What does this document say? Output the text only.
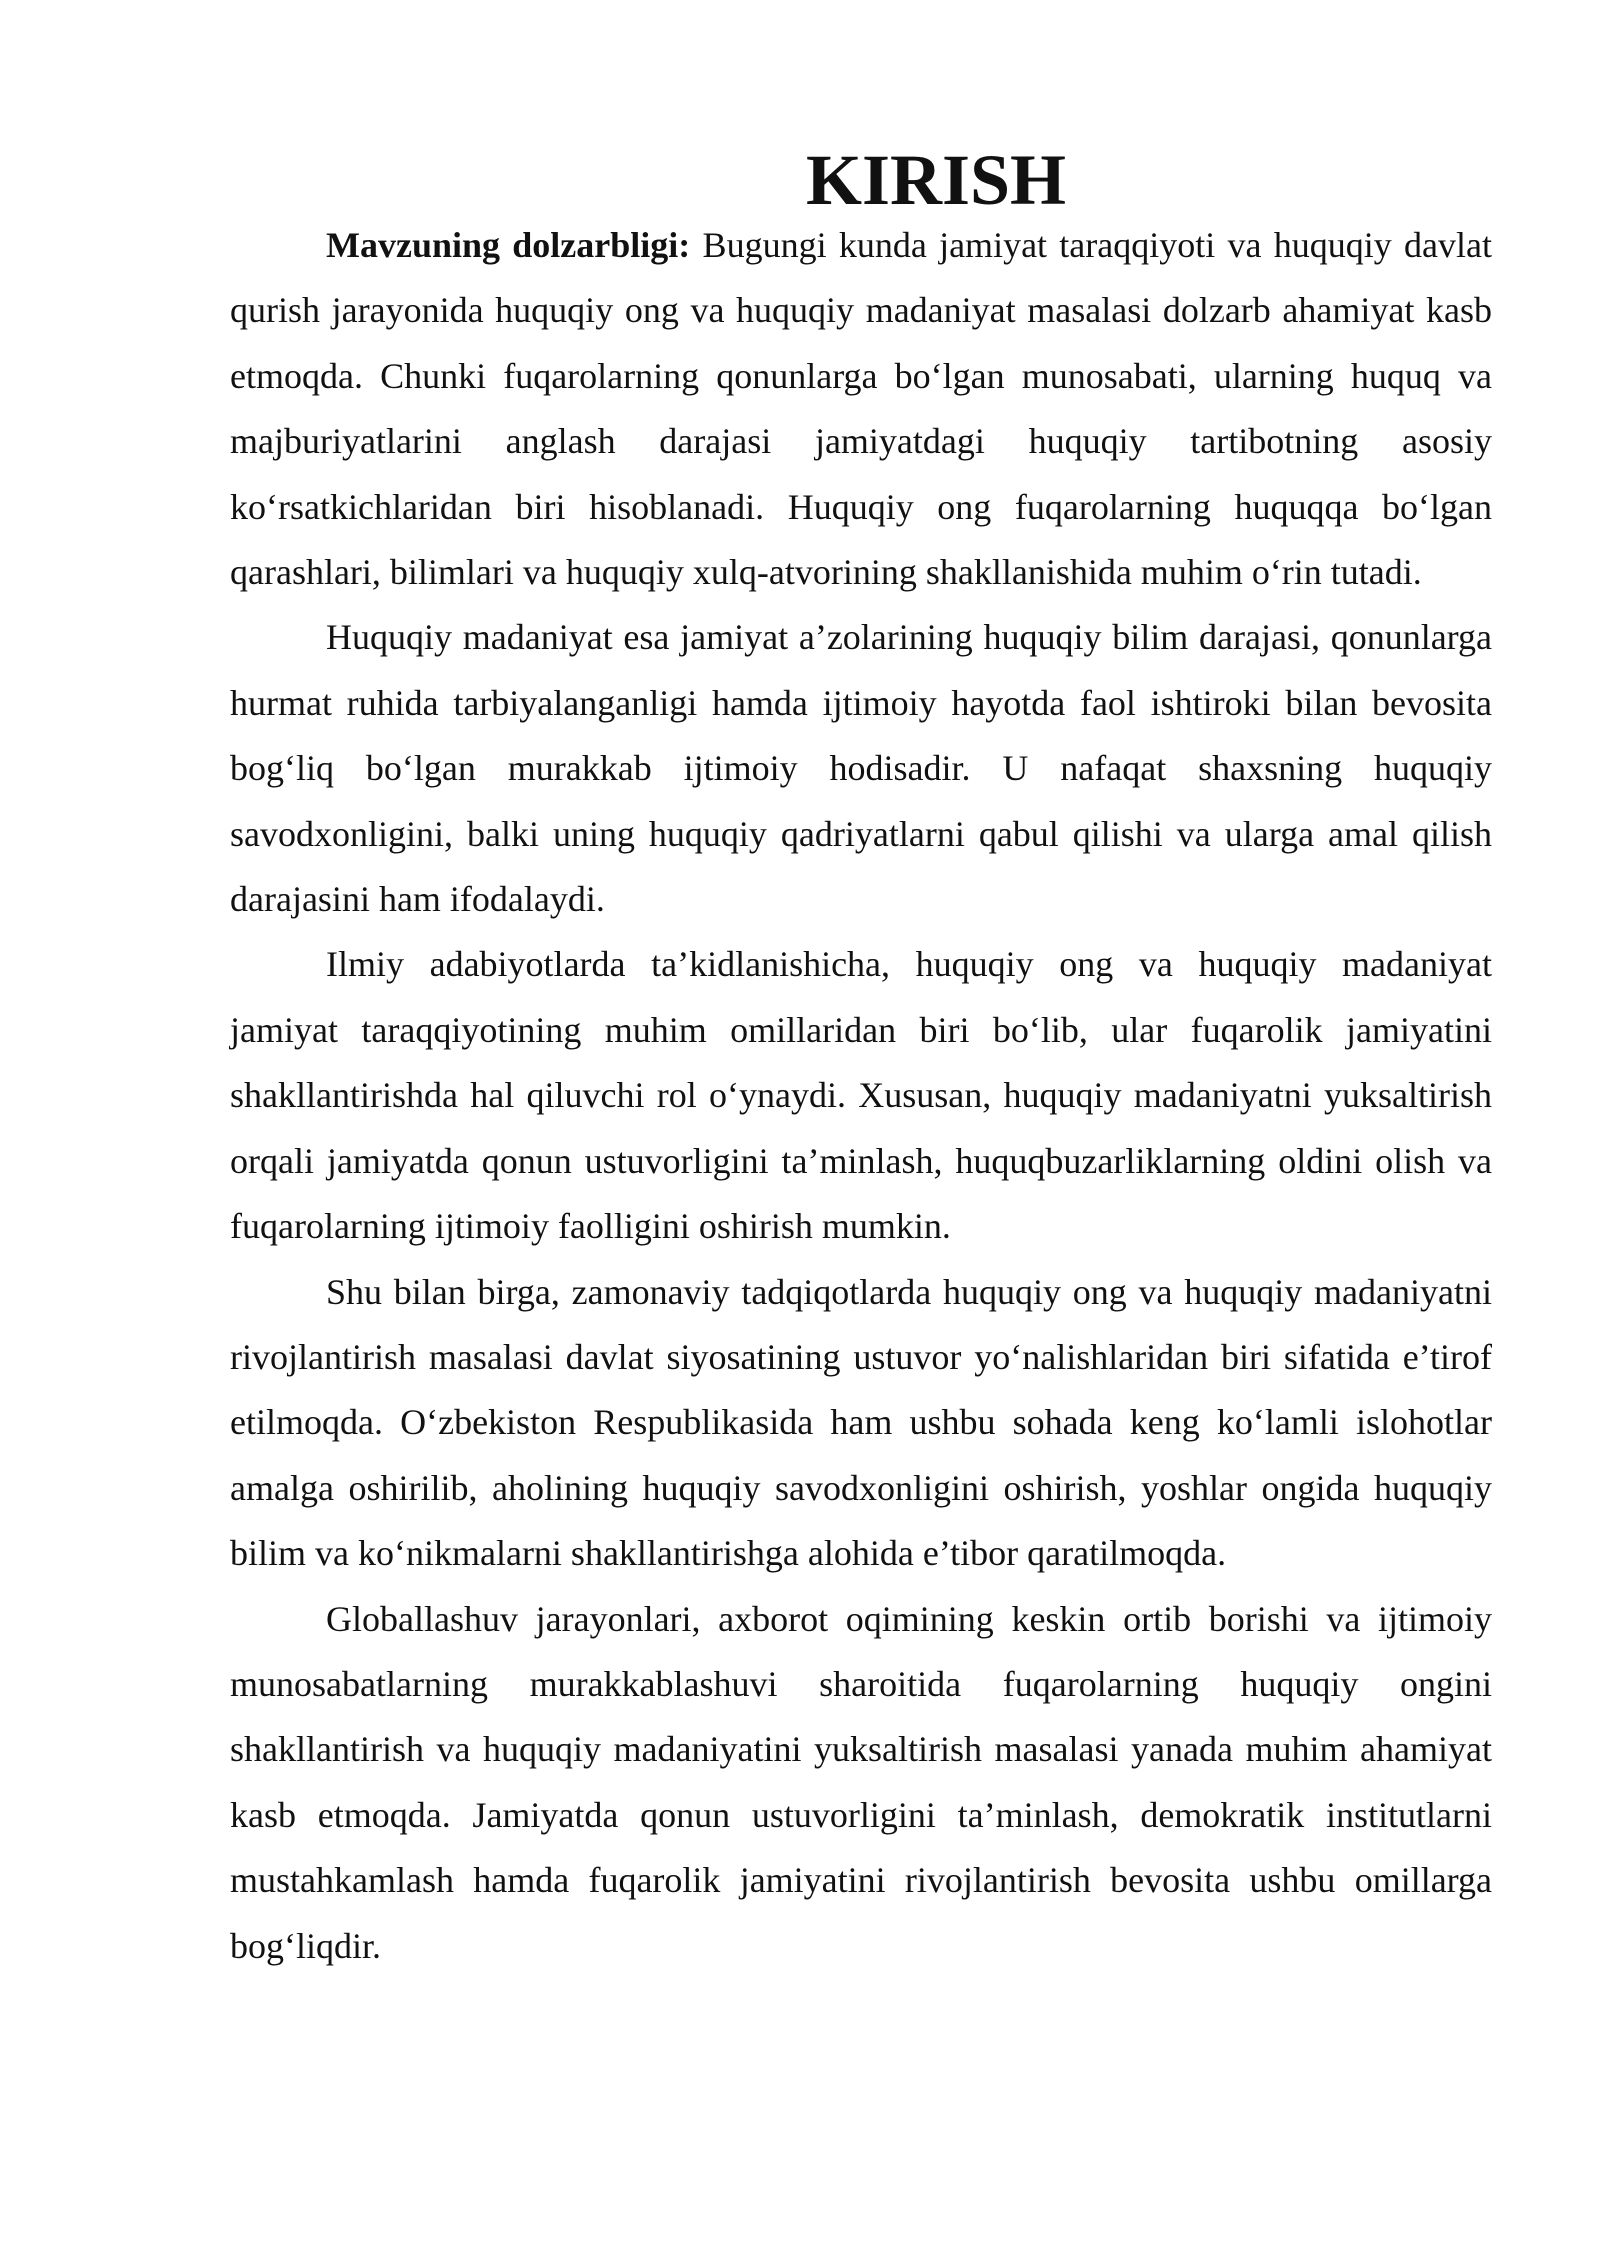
KIRISH

Mavzuning dolzarbligi: Bugungi kunda jamiyat taraqqiyoti va huquqiy davlat qurish jarayonida huquqiy ong va huquqiy madaniyat masalasi dolzarb ahamiyat kasb etmoqda. Chunki fuqarolarning qonunlarga bo‘lgan munosabati, ularning huquq va majburiyatlarini anglash darajasi jamiyatdagi huquqiy tartibotning asosiy ko‘rsatkichlaridan biri hisoblanadi. Huquqiy ong fuqarolarning huquqqa bo‘lgan qarashlari, bilimlari va huquqiy xulq-atvorining shakllanishida muhim o‘rin tutadi.

Huquqiy madaniyat esa jamiyat a’zolarining huquqiy bilim darajasi, qonunlarga hurmat ruhida tarbiyalanganligi hamda ijtimoiy hayotda faol ishtiroki bilan bevosita bog‘liq bo‘lgan murakkab ijtimoiy hodisadir. U nafaqat shaxsning huquqiy savodxonligini, balki uning huquqiy qadriyatlarni qabul qilishi va ularga amal qilish darajasini ham ifodalaydi.

Ilmiy adabiyotlarda ta’kidlanishicha, huquqiy ong va huquqiy madaniyat jamiyat taraqqiyotining muhim omillaridan biri bo‘lib, ular fuqarolik jamiyatini shakllantirishda hal qiluvchi rol o‘ynaydi. Xususan, huquqiy madaniyatni yuksaltirish orqali jamiyatda qonun ustuvorligini ta’minlash, huquqbuzarliklarning oldini olish va fuqarolarning ijtimoiy faolligini oshirish mumkin.

Shu bilan birga, zamonaviy tadqiqotlarda huquqiy ong va huquqiy madaniyatni rivojlantirish masalasi davlat siyosatining ustuvor yo‘nalishlaridan biri sifatida e’tirof etilmoqda. O‘zbekiston Respublikasida ham ushbu sohada keng ko‘lamli islohotlar amalga oshirilib, aholining huquqiy savodxonligini oshirish, yoshlar ongida huquqiy bilim va ko‘nikmalarni shakllantirishga alohida e’tibor qaratilmoqda.

Globallashuv jarayonlari, axborot oqimining keskin ortib borishi va ijtimoiy munosabatlarning murakkablashuvi sharoitida fuqarolarning huquqiy ongini shakllantirish va huquqiy madaniyatini yuksaltirish masalasi yanada muhim ahamiyat kasb etmoqda. Jamiyatda qonun ustuvorligini ta’minlash, demokratik institutlarni mustahkamlash hamda fuqarolik jamiyatini rivojlantirish bevosita ushbu omillarga bog‘liqdir.
